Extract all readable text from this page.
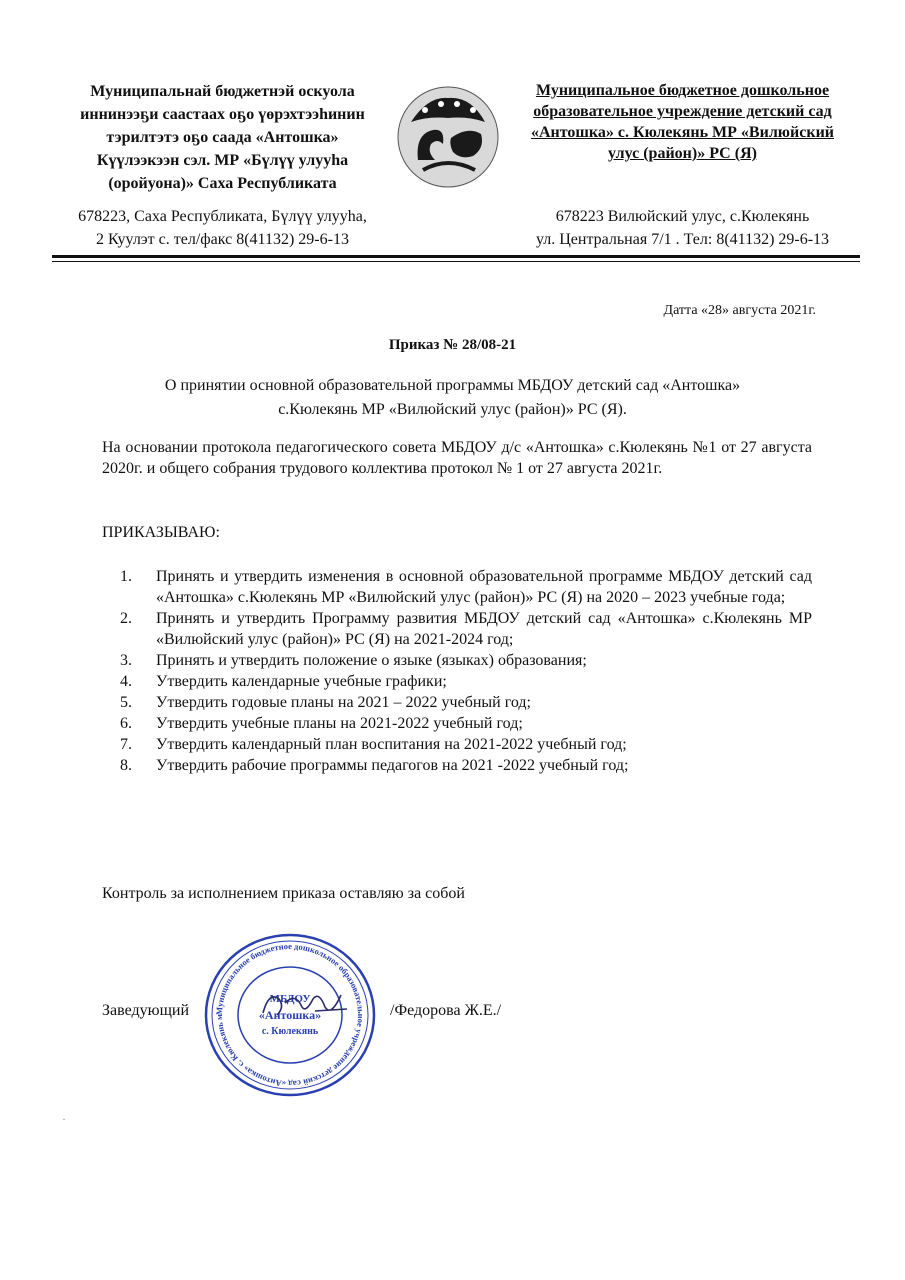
Муниципальнай бюджетнэй оскуола
иннинээҕи саастаах оҕо үөрэхтээһинин
тэрилтэтэ оҕо саада «Антошка»
Күүлээкээн сэл. МР «Бүлүү улууһа
(оройуона)» Саха Республиката
678223, Саха Республиката, Бүлүү улууһа,
2 Куулэт с. тел/факс 8(41132) 29-6-13
Муниципальное бюджетное дошкольное
образовательное учреждение детский сад
«Антошка» с. Кюлекянь МР «Вилюйский
улус (район)» РС (Я)
678223 Вилюйский улус, с.Кюлекянь
ул. Центральная 7/1 . Тел: 8(41132) 29-6-13
Датта «28» августа 2021г.
Приказ № 28/08-21
О принятии основной образовательной программы МБДОУ детский сад «Антошка»
с.Кюлекянь МР «Вилюйский улус (район)» РС (Я).
На основании протокола педагогического совета МБДОУ д/с «Антошка» с.Кюлекянь №1 от 27 августа 2020г. и общего собрания трудового коллектива протокол № 1 от 27 августа 2021г.
ПРИКАЗЫВАЮ:
1.	Принять и утвердить изменения в основной образовательной программе МБДОУ детский сад «Антошка» с.Кюлекянь МР «Вилюйский улус (район)» РС (Я) на 2020 – 2023 учебные года;
2.	Принять и утвердить Программу развития МБДОУ детский сад «Антошка» с.Кюлекянь МР «Вилюйский улус (район)» РС (Я) на 2021-2024 год;
3.	Принять и утвердить положение о языке (языках) образования;
4.	Утвердить календарные учебные графики;
5.	Утвердить годовые планы на 2021 – 2022 учебный год;
6.	Утвердить учебные планы на 2021-2022 учебный год;
7.	Утвердить календарный план воспитания на 2021-2022 учебный год;
8.	Утвердить рабочие программы педагогов на 2021 -2022 учебный год;
Контроль за исполнением приказа оставляю за собой
Муниципальное бюджетное дошкольное образовательное учреждение детский сад «Антошка» с. Кюлекянь м
МБДОУ
«Антошка»
с. Кюлекянь
Заведующий	/Федорова Ж.Е./
·
